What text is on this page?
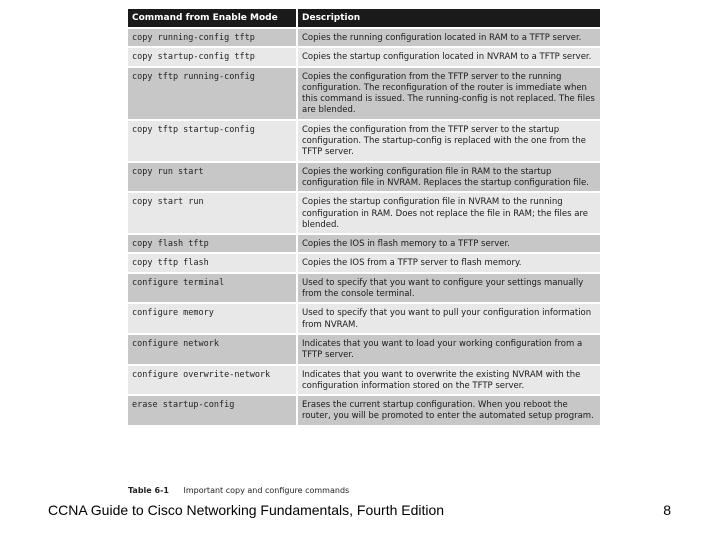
Command from Enable Mode	Description
copy running-config tftp	Copies the running configuration located in RAM to a TFTP server.
copy startup-config tftp	Copies the startup configuration located in NVRAM to a TFTP server.
copy tftp running-config	Copies the configuration from the TFTP server to the running configuration. The reconfiguration of the router is immediate when this command is issued. The running-config is not replaced. The files are blended.
copy tftp startup-config	Copies the configuration from the TFTP server to the startup configuration. The startup-config is replaced with the one from the TFTP server.
copy run start	Copies the working configuration file in RAM to the startup configuration file in NVRAM. Replaces the startup configuration file.
copy start run	Copies the startup configuration file in NVRAM to the running configuration in RAM. Does not replace the file in RAM; the files are blended.
copy flash tftp	Copies the IOS in flash memory to a TFTP server.
copy tftp flash	Copies the IOS from a TFTP server to flash memory.
configure terminal	Used to specify that you want to configure your settings manually from the console terminal.
configure memory	Used to specify that you want to pull your configuration information from NVRAM.
configure network	Indicates that you want to load your working configuration from a TFTP server.
configure overwrite-network	Indicates that you want to overwrite the existing NVRAM with the configuration information stored on the TFTP server.
erase startup-config	Erases the current startup configuration. When you reboot the router, you will be promoted to enter the automated setup program.
Table 6-1 Important copy and configure commands
CCNA Guide to Cisco Networking Fundamentals, Fourth Edition	8
